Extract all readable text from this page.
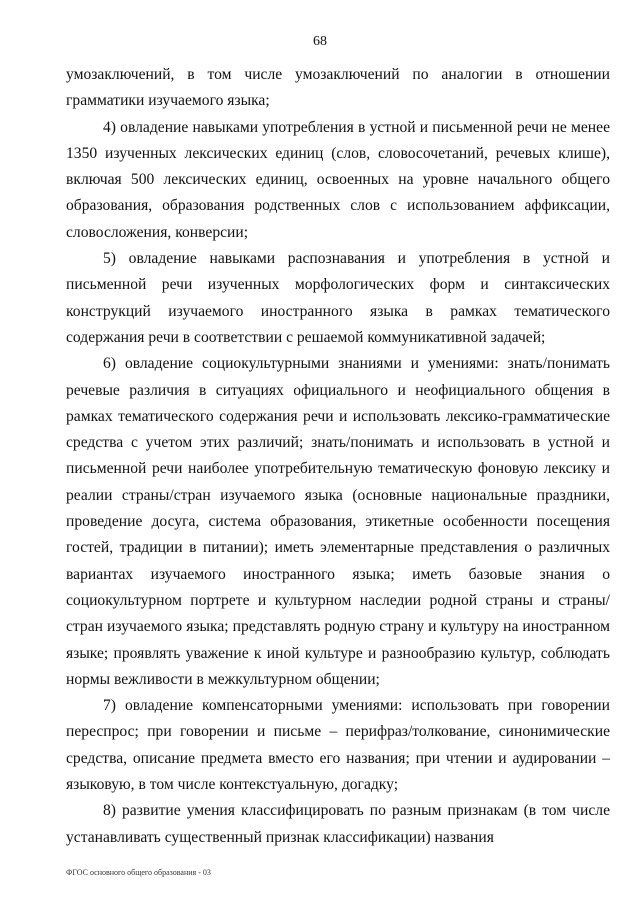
68

умозаключений, в том числе умозаключений по аналогии в отношении грамматики изучаемого языка;

4) овладение навыками употребления в устной и письменной речи не менее 1350 изученных лексических единиц (слов, словосочетаний, речевых клише), включая 500 лексических единиц, освоенных на уровне начального общего образования, образования родственных слов с использованием аффиксации, словосложения, конверсии;

5) овладение навыками распознавания и употребления в устной и письменной речи изученных морфологических форм и синтаксических конструкций изучаемого иностранного языка в рамках тематического содержания речи в соответствии с решаемой коммуникативной задачей;

6) овладение социокультурными знаниями и умениями: знать/понимать речевые различия в ситуациях официального и неофициального общения в рамках тематического содержания речи и использовать лексико-грамматические средства с учетом этих различий; знать/понимать и использовать в устной и письменной речи наиболее употребительную тематическую фоновую лексику и реалии страны/стран изучаемого языка (основные национальные праздники, проведение досуга, система образования, этикетные особенности посещения гостей, традиции в питании); иметь элементарные представления о различных вариантах изучаемого иностранного языка; иметь базовые знания о социокультурном портрете и культурном наследии родной страны и страны/стран изучаемого языка; представлять родную страну и культуру на иностранном языке; проявлять уважение к иной культуре и разнообразию культур, соблюдать нормы вежливости в межкультурном общении;

7) овладение компенсаторными умениями: использовать при говорении переспрос; при говорении и письме – перифраз/толкование, синонимические средства, описание предмета вместо его названия; при чтении и аудировании – языковую, в том числе контекстуальную, догадку;

8) развитие умения классифицировать по разным признакам (в том числе устанавливать существенный признак классификации) названия

ФГОС основного общего образования - 03
